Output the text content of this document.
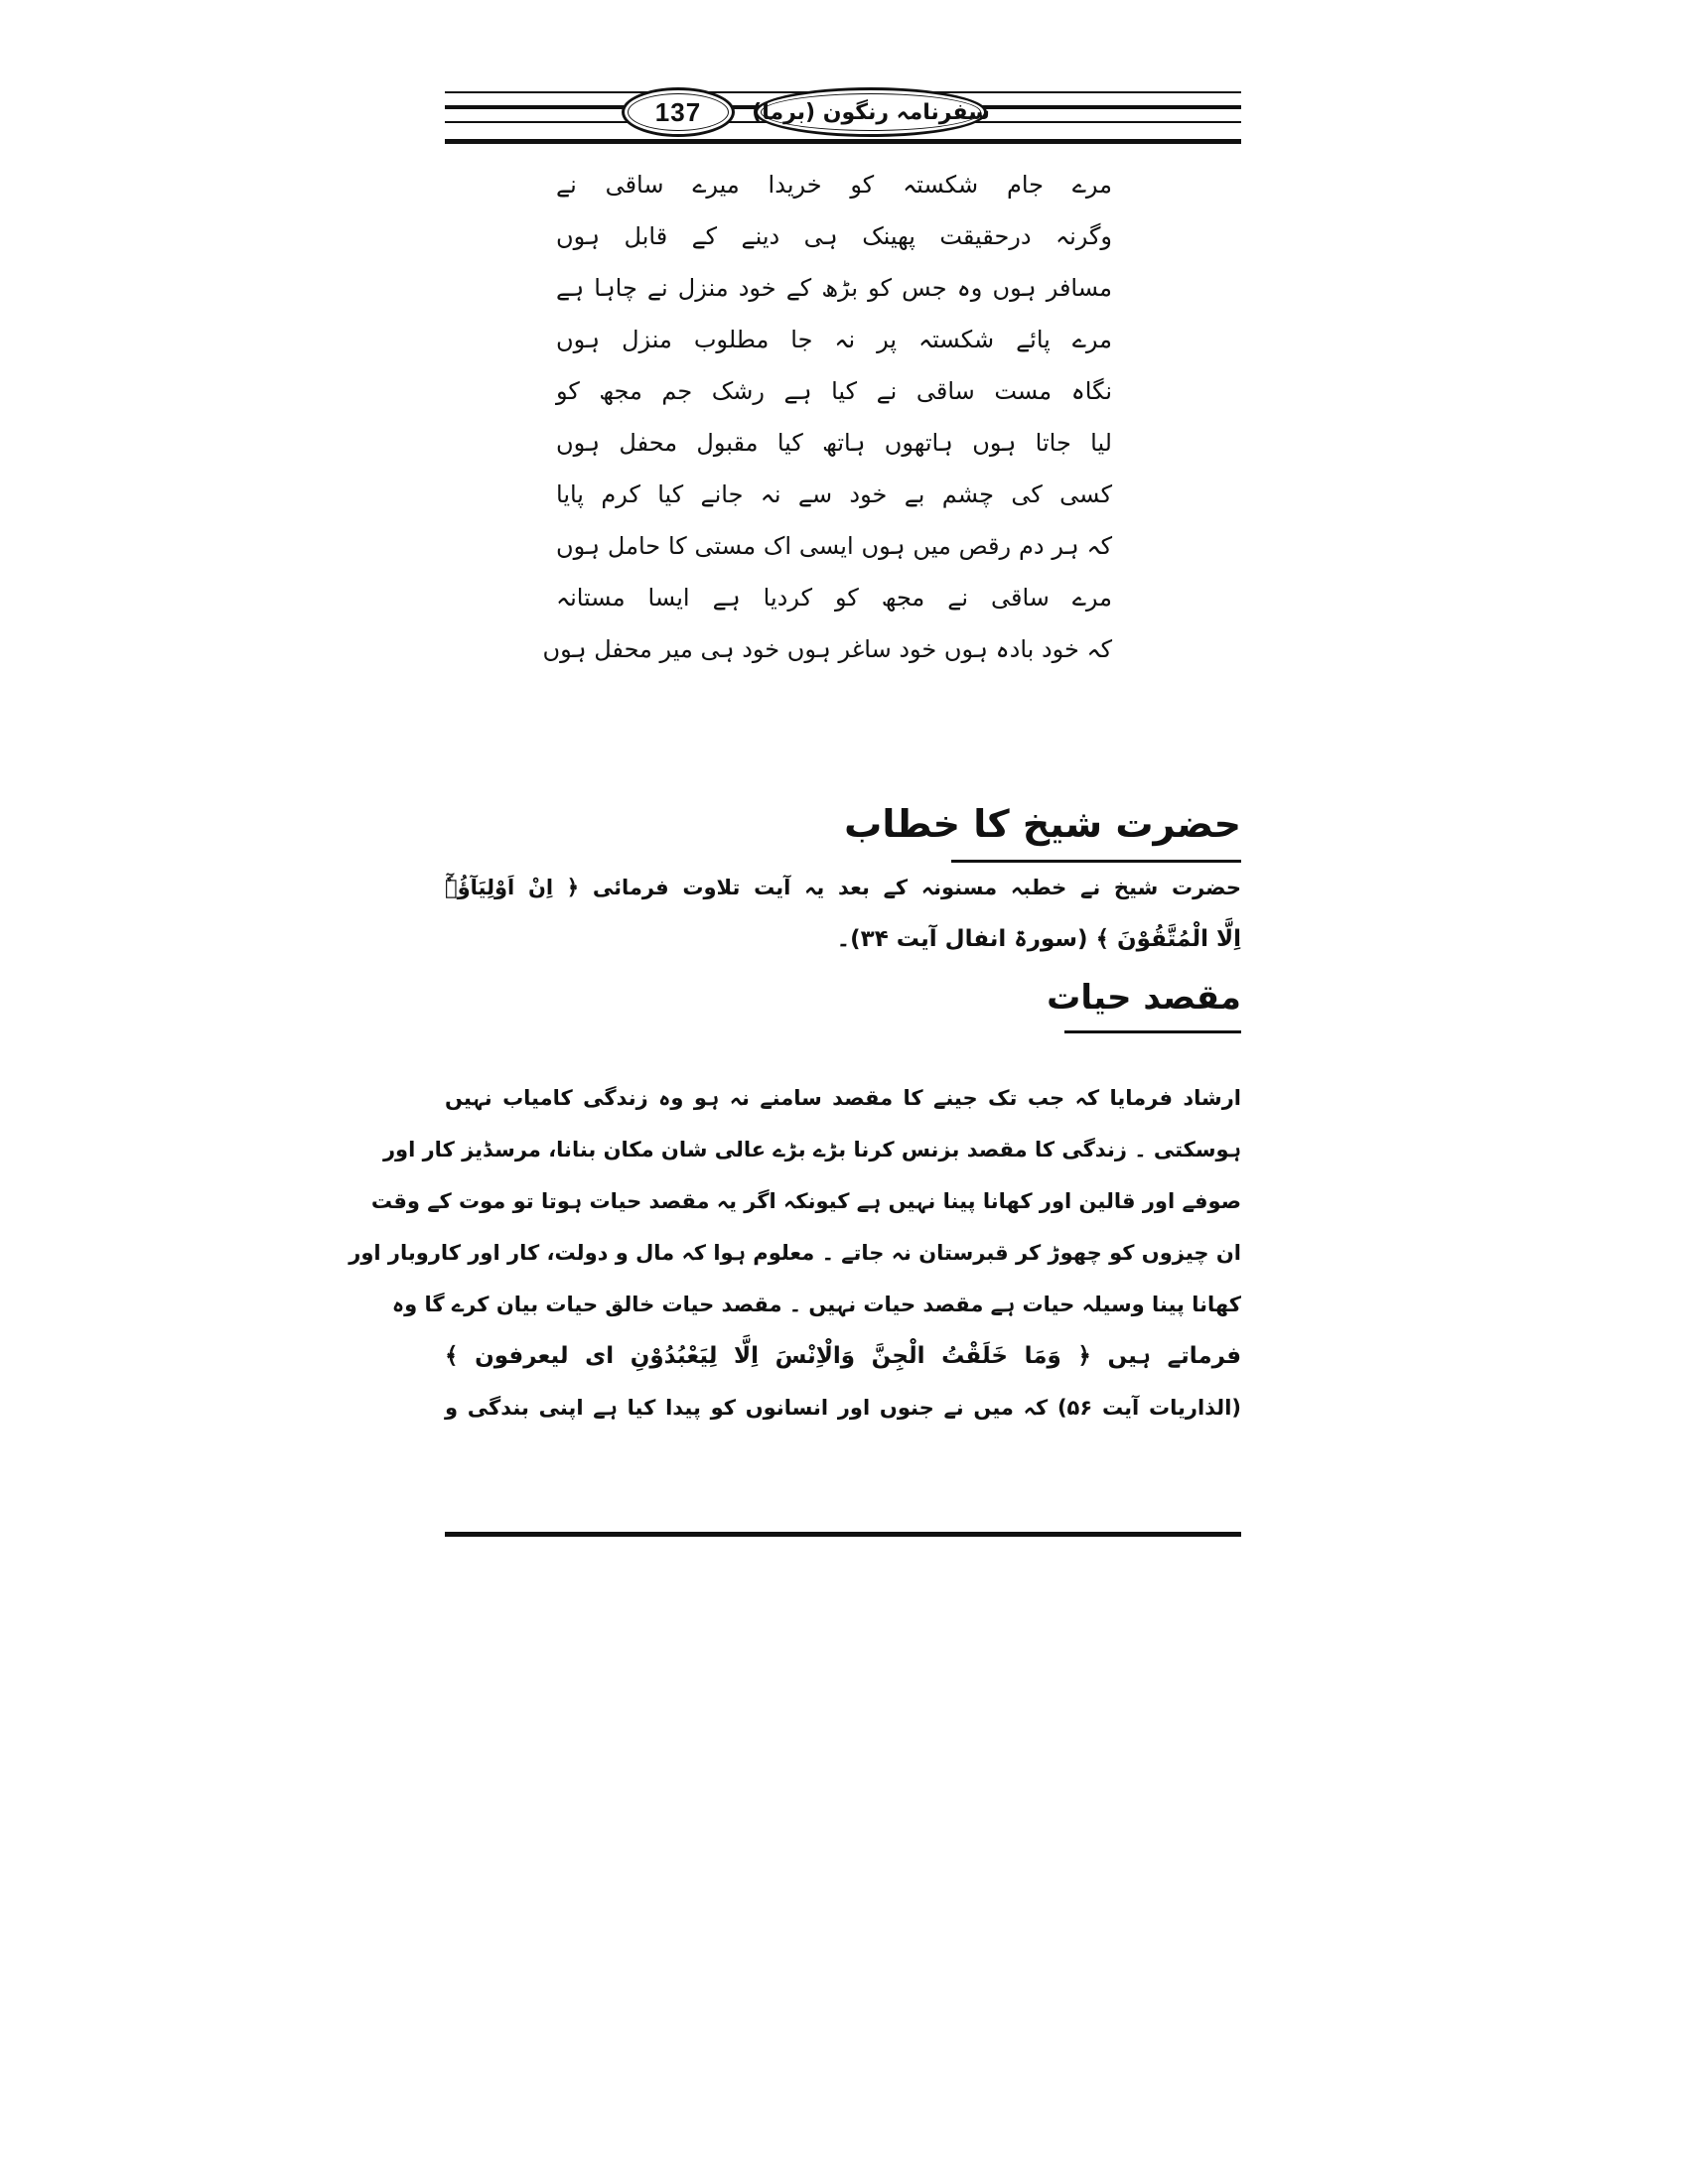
137 سفرنامہ رنگون (برما)
مرے جام شکستہ کو خریدا میرے ساقی نے
وگرنہ درحقیقت پھینک ہی دینے کے قابل ہوں
مسافر ہوں وہ جس کو بڑھ کے خود منزل نے چاہا ہے
مرے پائے شکستہ پر نہ جا مطلوب منزل ہوں
نگاہ مست ساقی نے کیا ہے رشک جم مجھ کو
لیا جاتا ہوں ہاتھوں ہاتھ کیا مقبول محفل ہوں
کسی کی چشم بے خود سے نہ جانے کیا کرم پایا
کہ ہر دم رقص میں ہوں ایسی اک مستی کا حامل ہوں
مرے ساقی نے مجھ کو کردیا ہے ایسا مستانہ
کہ خود بادہ ہوں خود ساغر ہوں خود ہی میر محفل ہوں
حضرت شیخ کا خطاب
حضرت شیخ نے خطبہ مسنونہ کے بعد یہ آیت تلاوت فرمائی ﴿ اِنْ اَوْلِیَآؤُہٗٓ
اِلَّا الْمُتَّقُوْنَ ﴾ (سورۃ انفال آیت ۳۴)۔
مقصد حیات
ارشاد فرمایا کہ جب تک جینے کا مقصد سامنے نہ ہو وہ زندگی کامیاب نہیں
ہوسکتی ۔ زندگی کا مقصد بزنس کرنا بڑے بڑے عالی شان مکان بنانا، مرسڈیز کار اور
صوفے اور قالین اور کھانا پینا نہیں ہے کیونکہ اگر یہ مقصد حیات ہوتا تو موت کے وقت
ان چیزوں کو چھوڑ کر قبرستان نہ جاتے ۔ معلوم ہوا کہ مال و دولت، کار اور کاروبار اور
کھانا پینا وسیلہ حیات ہے مقصد حیات نہیں ۔ مقصد حیات خالق حیات بیان کرے گا وہ
فرماتے ہیں ﴿ وَمَا خَلَقْتُ الْجِنَّ وَالْاِنْسَ اِلَّا لِیَعْبُدُوْنِ ای لیعرفون ﴾
(الذاریات آیت ۵۶) کہ میں نے جنوں اور انسانوں کو پیدا کیا ہے اپنی بندگی و
